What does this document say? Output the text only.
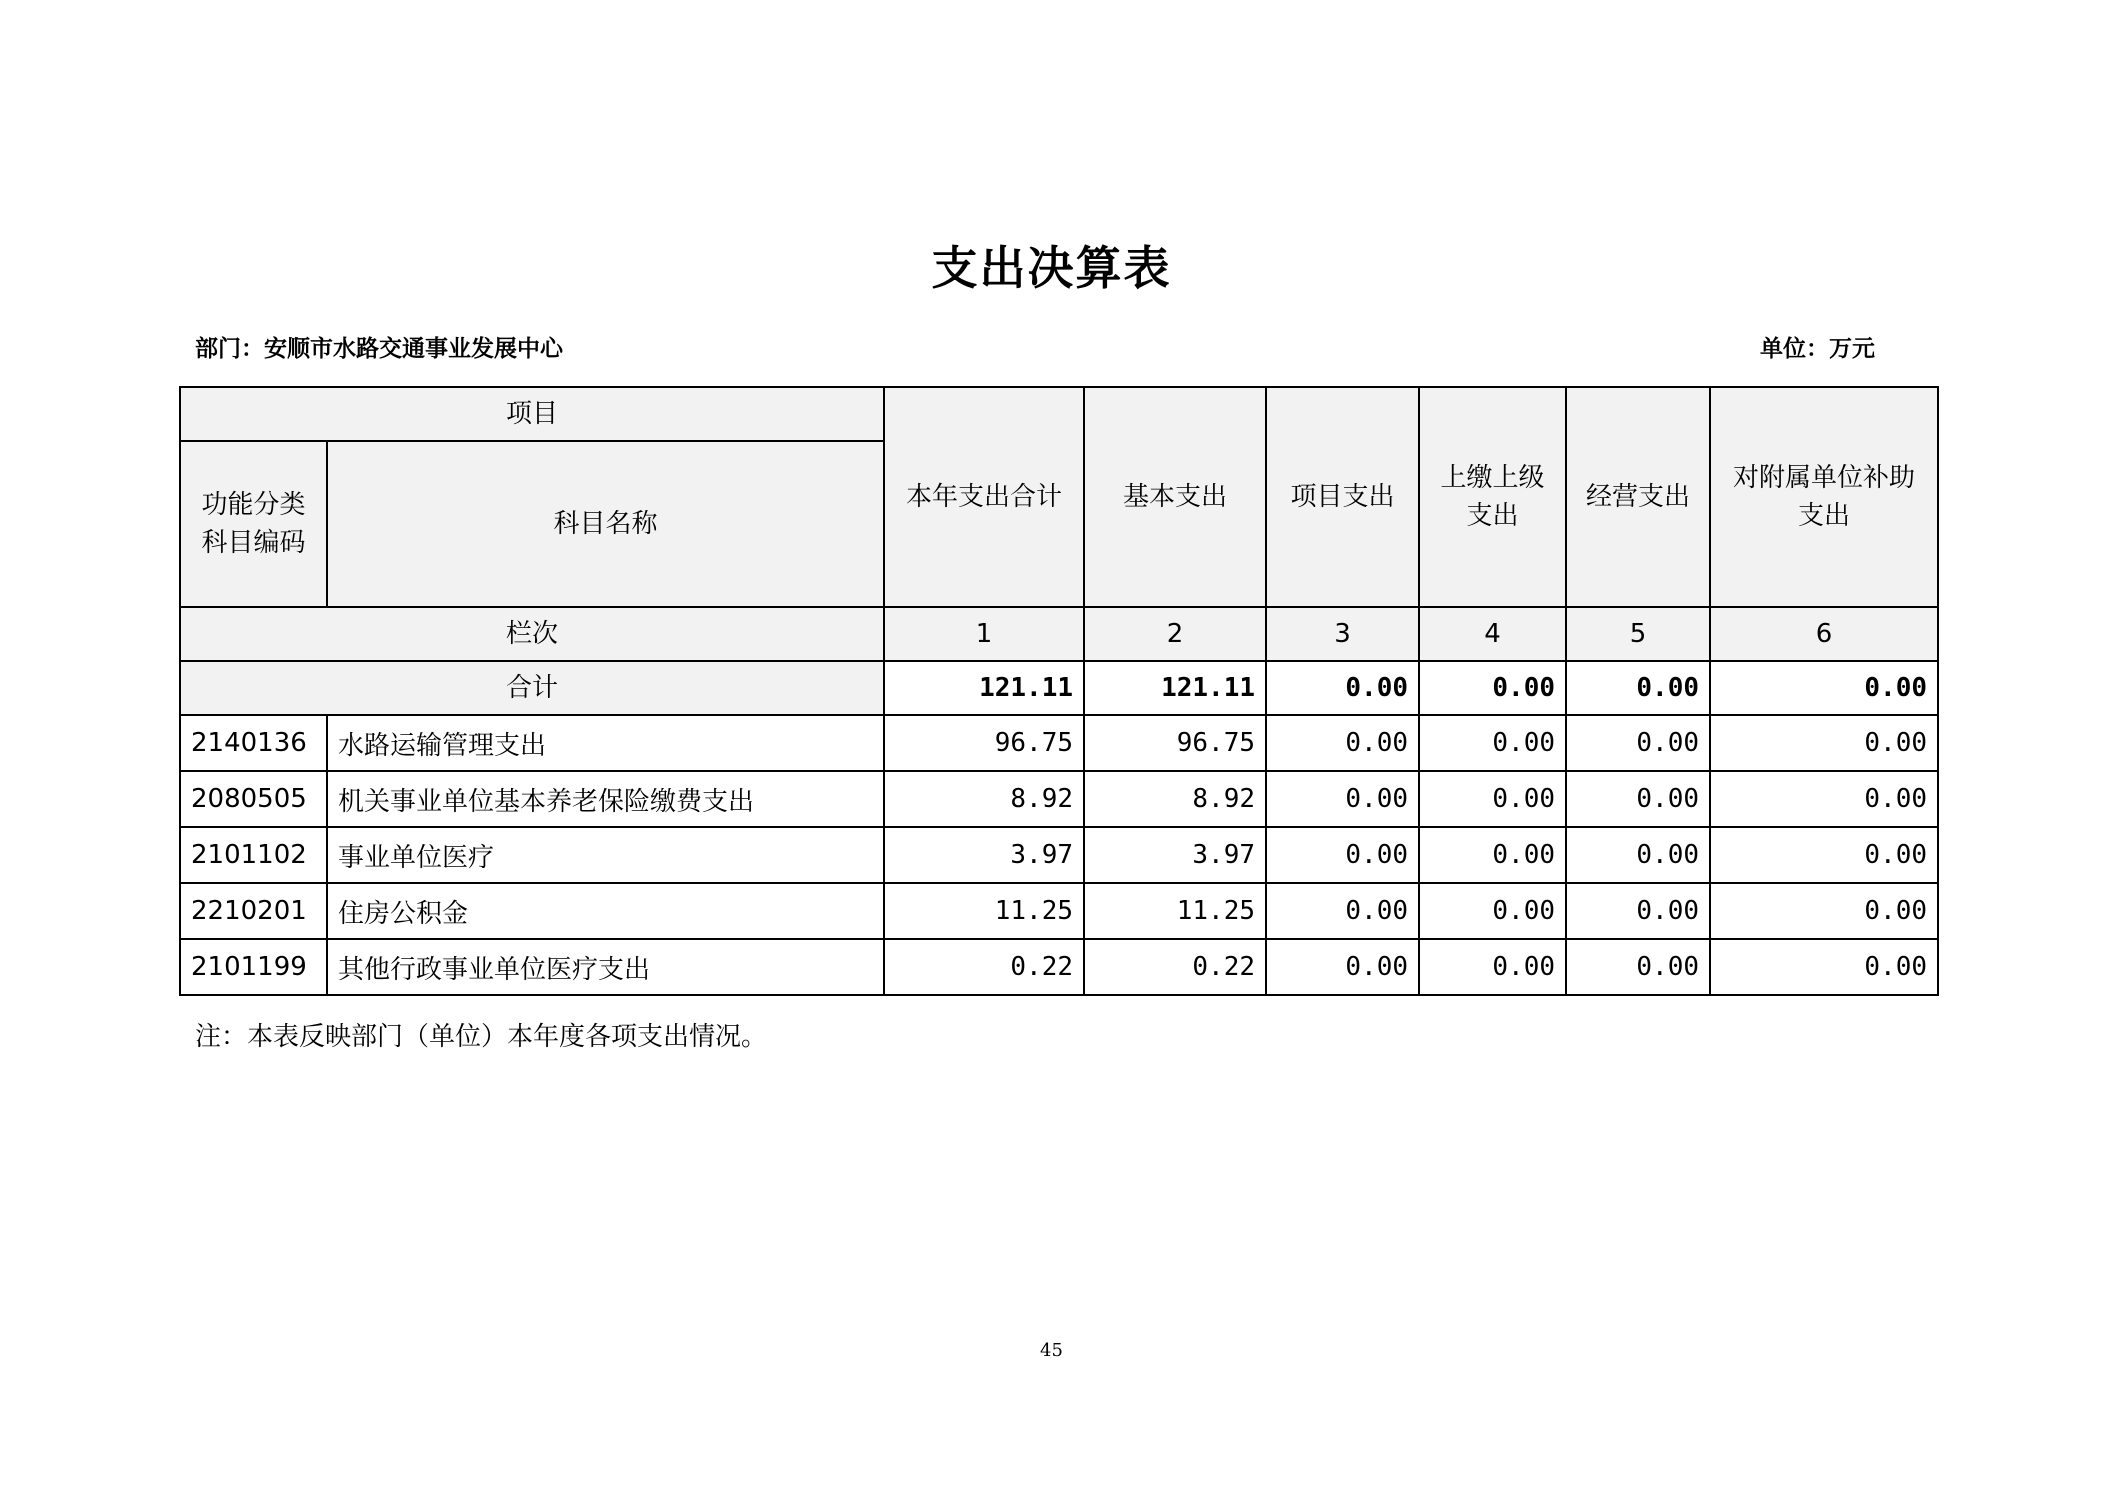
支出决算表
部门：安顺市水路交通事业发展中心	单位：万元
项目		本年支出合计	基本支出	项目支出	上缴上级支出	经营支出	对附属单位补助支出
功能分类科目编码	科目名称						
栏次		1	2	3	4	5	6
合计		121.11	121.11	0.00	0.00	0.00	0.00
2140136	水路运输管理支出	96.75	96.75	0.00	0.00	0.00	0.00
2080505	机关事业单位基本养老保险缴费支出	8.92	8.92	0.00	0.00	0.00	0.00
2101102	事业单位医疗	3.97	3.97	0.00	0.00	0.00	0.00
2210201	住房公积金	11.25	11.25	0.00	0.00	0.00	0.00
2101199	其他行政事业单位医疗支出	0.22	0.22	0.00	0.00	0.00	0.00
注：本表反映部门（单位）本年度各项支出情况。
45
